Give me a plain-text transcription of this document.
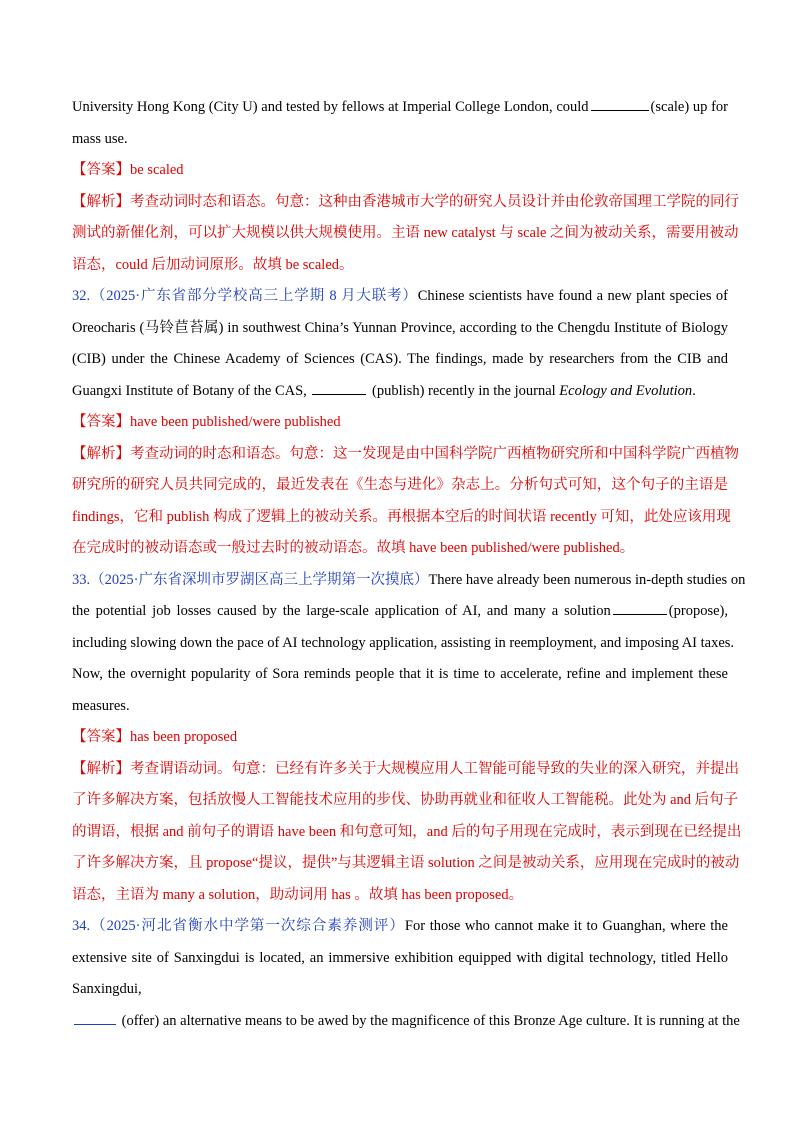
University Hong Kong (City U) and tested by fellows at Imperial College London, could	(scale) up for
mass use.
【答案】be scaled
【解析】考查动词时态和语态。句意：这种由香港城市大学的研究人员设计并由伦敦帝国理工学院的同行
测试的新催化剂，可以扩大规模以供大规模使用。主语 new catalyst 与 scale 之间为被动关系，需要用被动
语态，could 后加动词原形。故填 be scaled。
32.（2025·广东省部分学校高三上学期 8 月大联考）Chinese scientists have found a new plant species of
Oreocharis (马铃苣苔属) in southwest China’s Yunnan Province, according to the Chengdu Institute of Biology
(CIB) under the Chinese Academy of Sciences (CAS). The findings, made by researchers from the CIB and
Guangxi Institute of Botany of the CAS,	(publish) recently in the journal Ecology and Evolution.
【答案】have been published/were published
【解析】考查动词的时态和语态。句意：这一发现是由中国科学院广西植物研究所和中国科学院广西植物
研究所的研究人员共同完成的，最近发表在《生态与进化》杂志上。分析句式可知，这个句子的主语是
findings，它和 publish 构成了逻辑上的被动关系。再根据本空后的时间状语 recently 可知，此处应该用现
在完成时的被动语态或一般过去时的被动语态。故填 have been published/were published。
33.（2025·广东省深圳市罗湖区高三上学期第一次摸底）There have already been numerous in-depth studies on
the potential job losses caused by the large-scale application of AI, and many a solution	(propose),
including slowing down the pace of AI technology application, assisting in reemployment, and imposing AI taxes.
Now, the overnight popularity of Sora reminds people that it is time to accelerate, refine and implement these
measures.
【答案】has been proposed
【解析】考查谓语动词。句意：已经有许多关于大规模应用人工智能可能导致的失业的深入研究，并提出
了许多解决方案，包括放慢人工智能技术应用的步伐、协助再就业和征收人工智能税。此处为 and 后句子
的谓语，根据 and 前句子的谓语 have been 和句意可知，and 后的句子用现在完成时，表示到现在已经提出
了许多解决方案，且 propose“提议，提供”与其逻辑主语 solution 之间是被动关系，应用现在完成时的被动
语态，主语为 many a solution，助动词用 has 。故填 has been proposed。
34.（2025·河北省衡水中学第一次综合素养测评）For those who cannot make it to Guanghan, where the
extensive site of Sanxingdui is located, an immersive exhibition equipped with digital technology, titled Hello
Sanxingdui,
(offer) an alternative means to be awed by the magnificence of this Bronze Age culture. It is running at the
